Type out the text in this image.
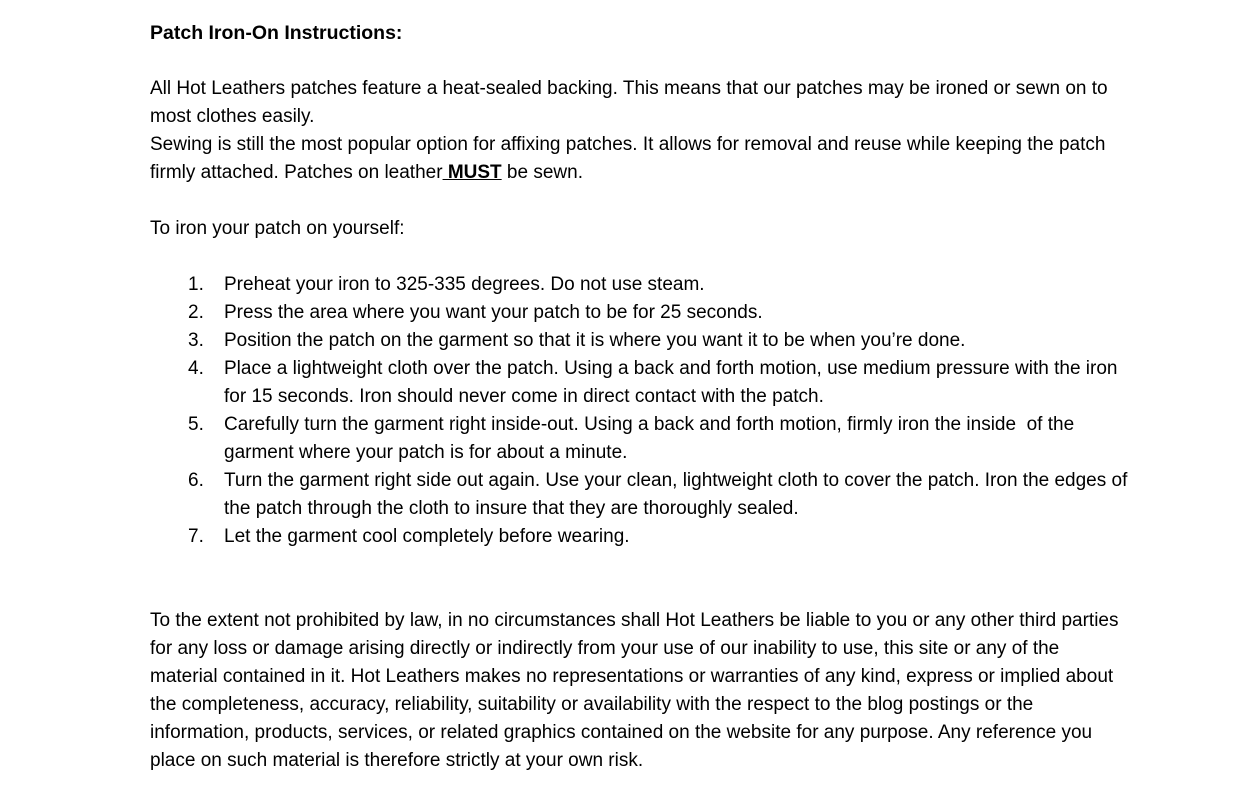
Patch Iron-On Instructions:
All Hot Leathers patches feature a heat-sealed backing. This means that our patches may be ironed or sewn on to most clothes easily.
Sewing is still the most popular option for affixing patches. It allows for removal and reuse while keeping the patch firmly attached. Patches on leather MUST be sewn.
To iron your patch on yourself:
1.	Preheat your iron to 325-335 degrees. Do not use steam.
2.	Press the area where you want your patch to be for 25 seconds.
3.	Position the patch on the garment so that it is where you want it to be when you’re done.
4.	Place a lightweight cloth over the patch. Using a back and forth motion, use medium pressure with the iron for 15 seconds. Iron should never come in direct contact with the patch.
5.	Carefully turn the garment right inside-out. Using a back and forth motion, firmly iron the inside  of the garment where your patch is for about a minute.
6.	Turn the garment right side out again. Use your clean, lightweight cloth to cover the patch. Iron the edges of the patch through the cloth to insure that they are thoroughly sealed.
7.	Let the garment cool completely before wearing.
To the extent not prohibited by law, in no circumstances shall Hot Leathers be liable to you or any other third parties for any loss or damage arising directly or indirectly from your use of our inability to use, this site or any of the material contained in it. Hot Leathers makes no representations or warranties of any kind, express or implied about the completeness, accuracy, reliability, suitability or availability with the respect to the blog postings or the information, products, services, or related graphics contained on the website for any purpose. Any reference you place on such material is therefore strictly at your own risk.
